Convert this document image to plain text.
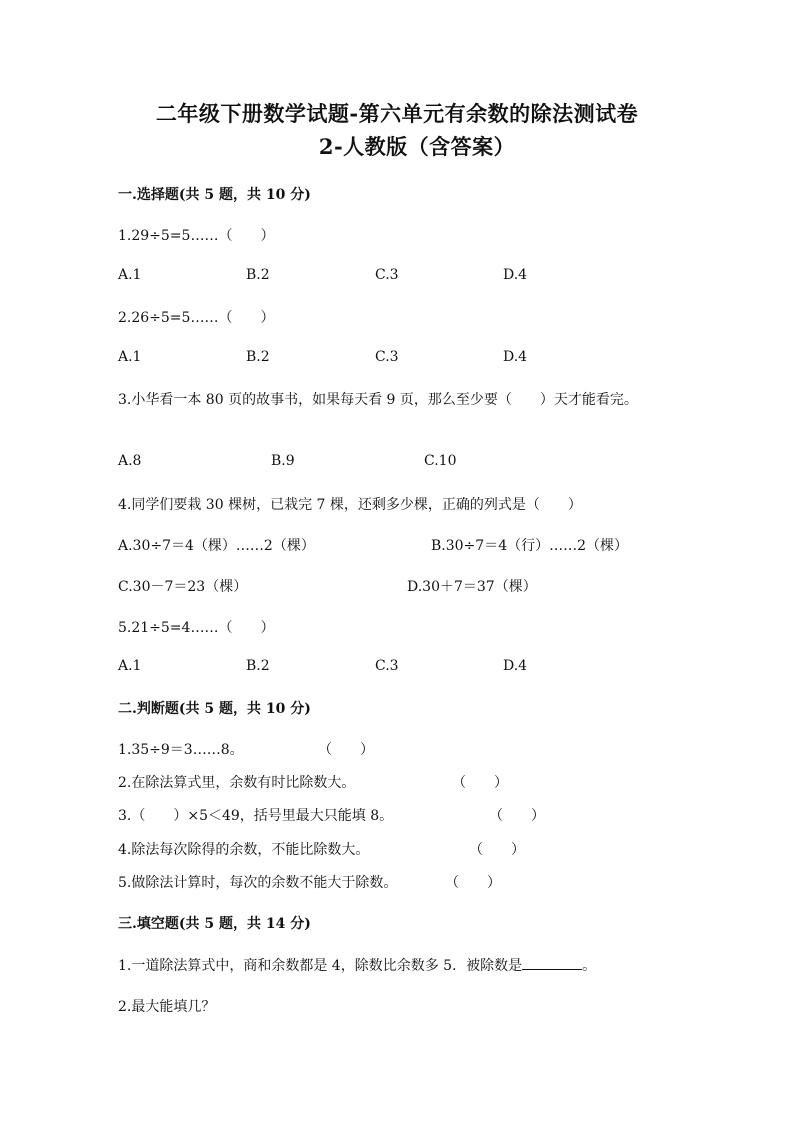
二年级下册数学试题-第六单元有余数的除法测试卷
2-人教版（含答案）
一.选择题(共 5 题，共 10 分)
1.29÷5=5……（　　）
A.1	B.2	C.3	D.4
2.26÷5=5……（　　）
A.1	B.2	C.3	D.4
3.小华看一本 80 页的故事书，如果每天看 9 页，那么至少要（　　）天才能看完。
A.8	B.9	C.10
4.同学们要栽 30 棵树，已栽完 7 棵，还剩多少棵，正确的列式是（　　）
A.30÷7＝4（棵）……2（棵）	B.30÷7＝4（行）……2（棵）
C.30－7＝23（棵）	D.30＋7＝37（棵）
5.21÷5=4……（　　）
A.1	B.2	C.3	D.4
二.判断题(共 5 题，共 10 分)
1.35÷9＝3……8。	（　　）
2.在除法算式里，余数有时比除数大。	（　　）
3.（　　）×5＜49，括号里最大只能填 8。	（　　）
4.除法每次除得的余数，不能比除数大。	（　　）
5.做除法计算时，每次的余数不能大于除数。	（　　）
三.填空题(共 5 题，共 14 分)
1.一道除法算式中，商和余数都是 4，除数比余数多 5．被除数是	。
2.最大能填几？
